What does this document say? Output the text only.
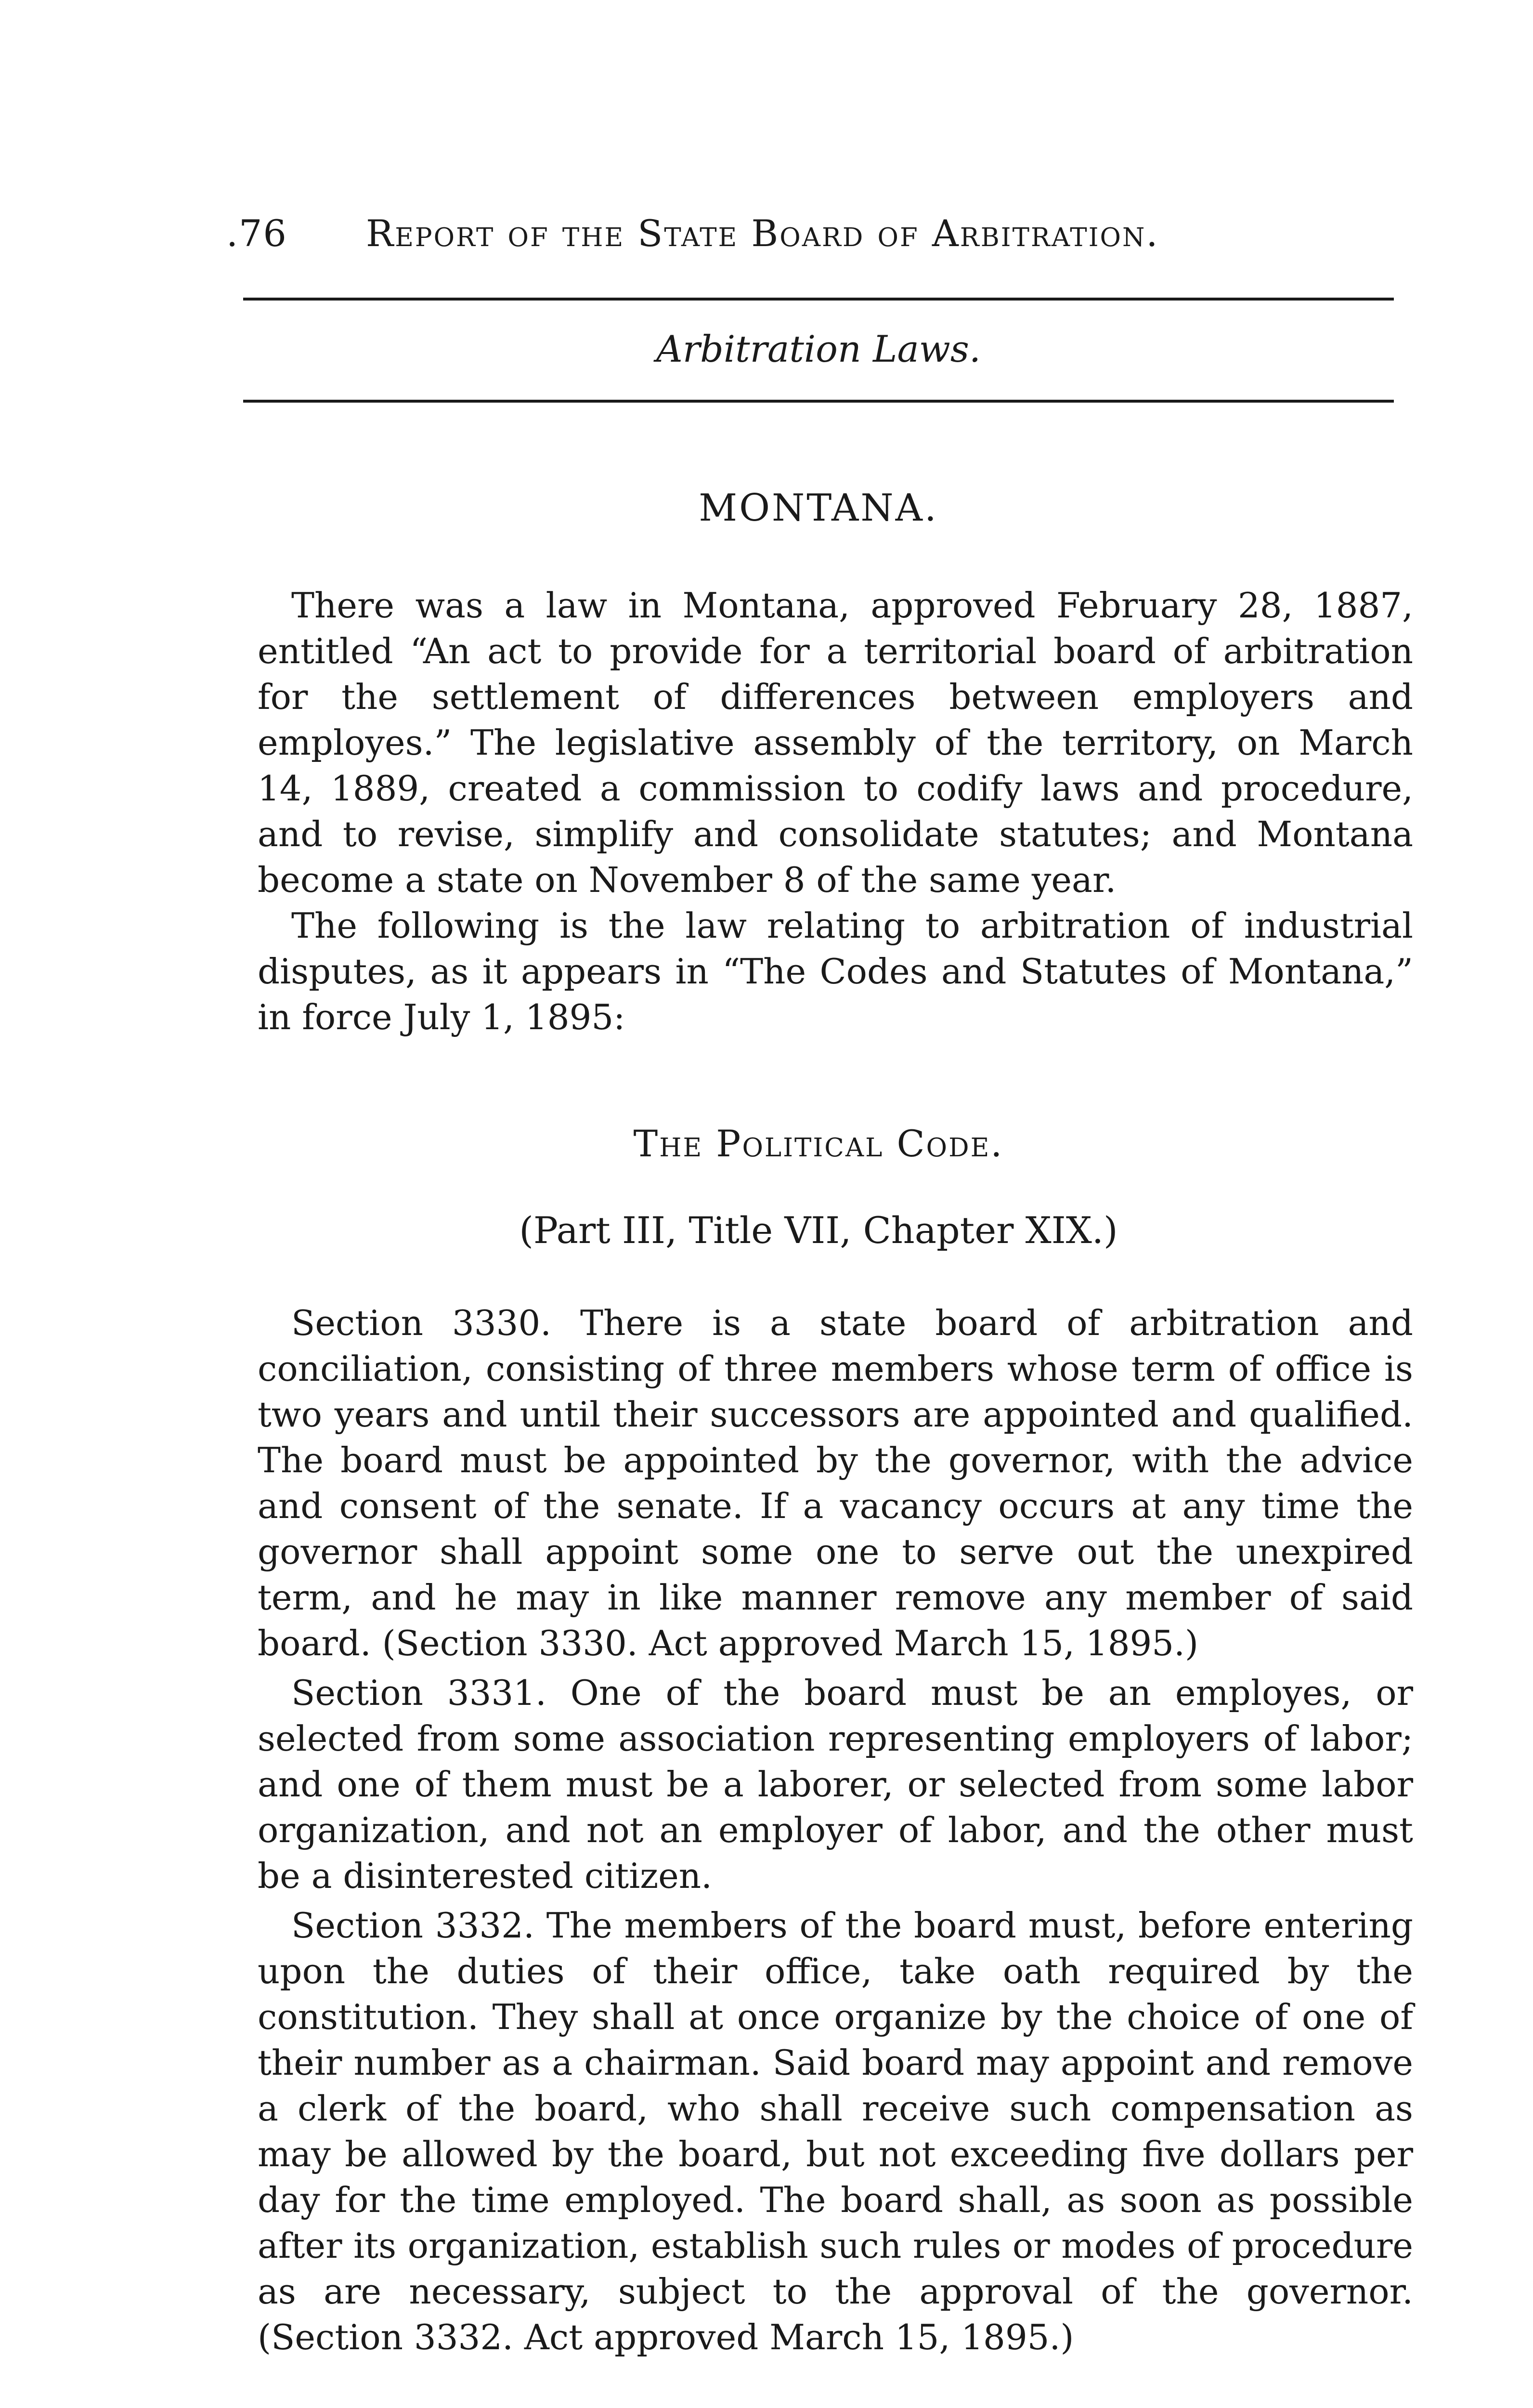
.76 Report of the State Board of Arbitration.
Arbitration Laws.
MONTANA.

There was a law in Montana, approved February 28, 1887, entitled “An act to provide for a territorial board of arbitration for the settlement of differences between employers and employes.” The legislative assembly of the territory, on March 14, 1889, created a commission to codify laws and procedure, and to revise, simplify and consolidate statutes; and Montana become a state on November 8 of the same year.

The following is the law relating to arbitration of industrial disputes, as it appears in “The Codes and Statutes of Montana,” in force July 1, 1895:

The Political Code.
(Part III, Title VII, Chapter XIX.)

Section 3330. There is a state board of arbitration and conciliation, consisting of three members whose term of office is two years and until their successors are appointed and qualified. The board must be appointed by the governor, with the advice and consent of the senate. If a vacancy occurs at any time the governor shall appoint some one to serve out the unexpired term, and he may in like manner remove any member of said board. (Section 3330. Act approved March 15, 1895.)

Section 3331. One of the board must be an employes, or selected from some association representing employers of labor; and one of them must be a laborer, or selected from some labor organization, and not an employer of labor, and the other must be a disinterested citizen.

Section 3332. The members of the board must, before entering upon the duties of their office, take oath required by the constitution. They shall at once organize by the choice of one of their number as a chairman. Said board may appoint and remove a clerk of the board, who shall receive such compensation as may be allowed by the board, but not exceeding five dollars per day for the time employed. The board shall, as soon as possible after its organization, establish such rules or modes of procedure as are necessary, subject to the approval of the governor. (Section 3332. Act approved March 15, 1895.)
